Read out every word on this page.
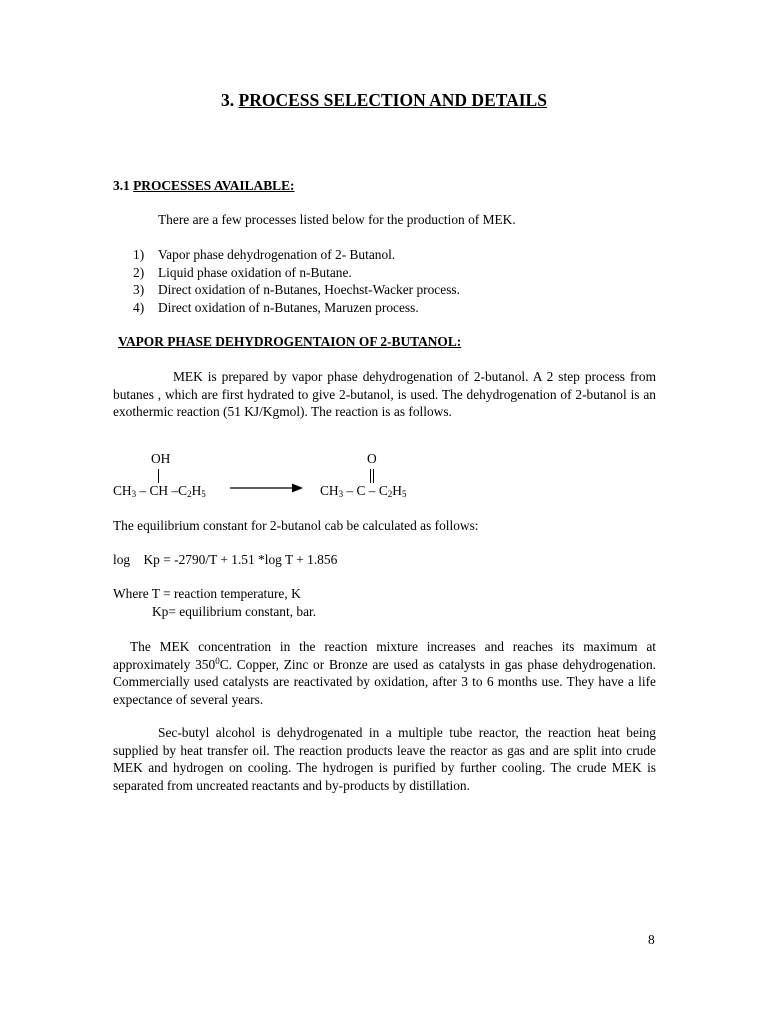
3. PROCESS SELECTION AND DETAILS
3.1 PROCESSES AVAILABLE:
There are a few processes listed below for the production of MEK.
1)	Vapor phase dehydrogenation of 2- Butanol.
2)	Liquid phase oxidation of n-Butane.
3)	Direct oxidation of n-Butanes, Hoechst-Wacker process.
4)	Direct oxidation of n-Butanes, Maruzen process.
VAPOR PHASE DEHYDROGENTAION OF 2-BUTANOL:
MEK is prepared by vapor phase dehydrogenation of 2-butanol. A 2 step process from butanes , which are first hydrated to give 2-butanol, is used. The dehydrogenation of 2-butanol is an exothermic reaction (51 KJ/Kgmol). The reaction is as follows.
OH
$CH_3$ – CH $-C_2H_5$
O
$CH_3$ – C – $C_2H_5$
The equilibrium constant for 2-butanol cab be calculated as follows:
log    Kp = -2790/T + 1.51 *log T + 1.856
Where T = reaction temperature, K
Kp= equilibrium constant, bar.
The MEK concentration in the reaction mixture increases and reaches its maximum at approximately $350^0C$. Copper, Zinc or Bronze are used as catalysts in gas phase dehydrogenation. Commercially used catalysts are reactivated by oxidation, after 3 to 6 months use. They have a life expectance of several years.
Sec-butyl alcohol is dehydrogenated in a multiple tube reactor, the reaction heat being supplied by heat transfer oil. The reaction products leave the reactor as gas and are split into crude MEK and hydrogen on cooling. The hydrogen is purified by further cooling. The crude MEK is separated from uncreated reactants and by-products by distillation.
8
